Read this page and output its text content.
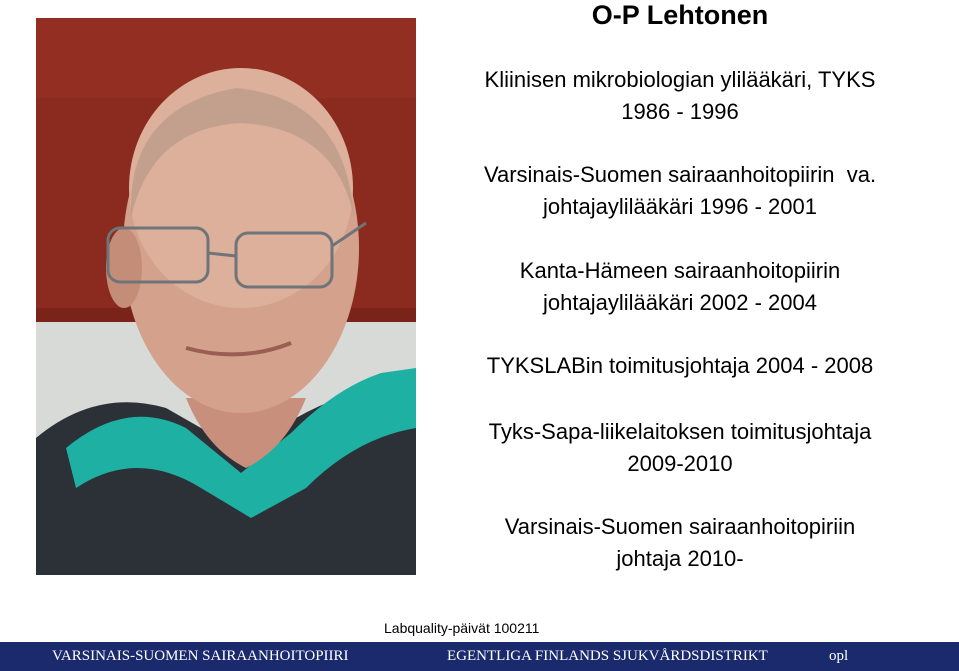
O-P Lehtonen
Kliinisen mikrobiologian ylilääkäri, TYKS
1986 - 1996
Varsinais-Suomen sairaanhoitopiirin  va.
johtajaylilääkäri 1996 - 2001
Kanta-Hämeen sairaanhoitopiirin
johtajaylilääkäri 2002 - 2004
TYKSLABin toimitusjohtaja 2004 - 2008
Tyks-Sapa-liikelaitoksen toimitusjohtaja
2009-2010
Varsinais-Suomen sairaanhoitopiriin
johtaja 2010-
Labquality-päivät 100211
VARSINAIS-SUOMEN SAIRAANHOITOPIIRI	EGENTLIGA FINLANDS SJUKVÅRDSDISTRIKT	opl
